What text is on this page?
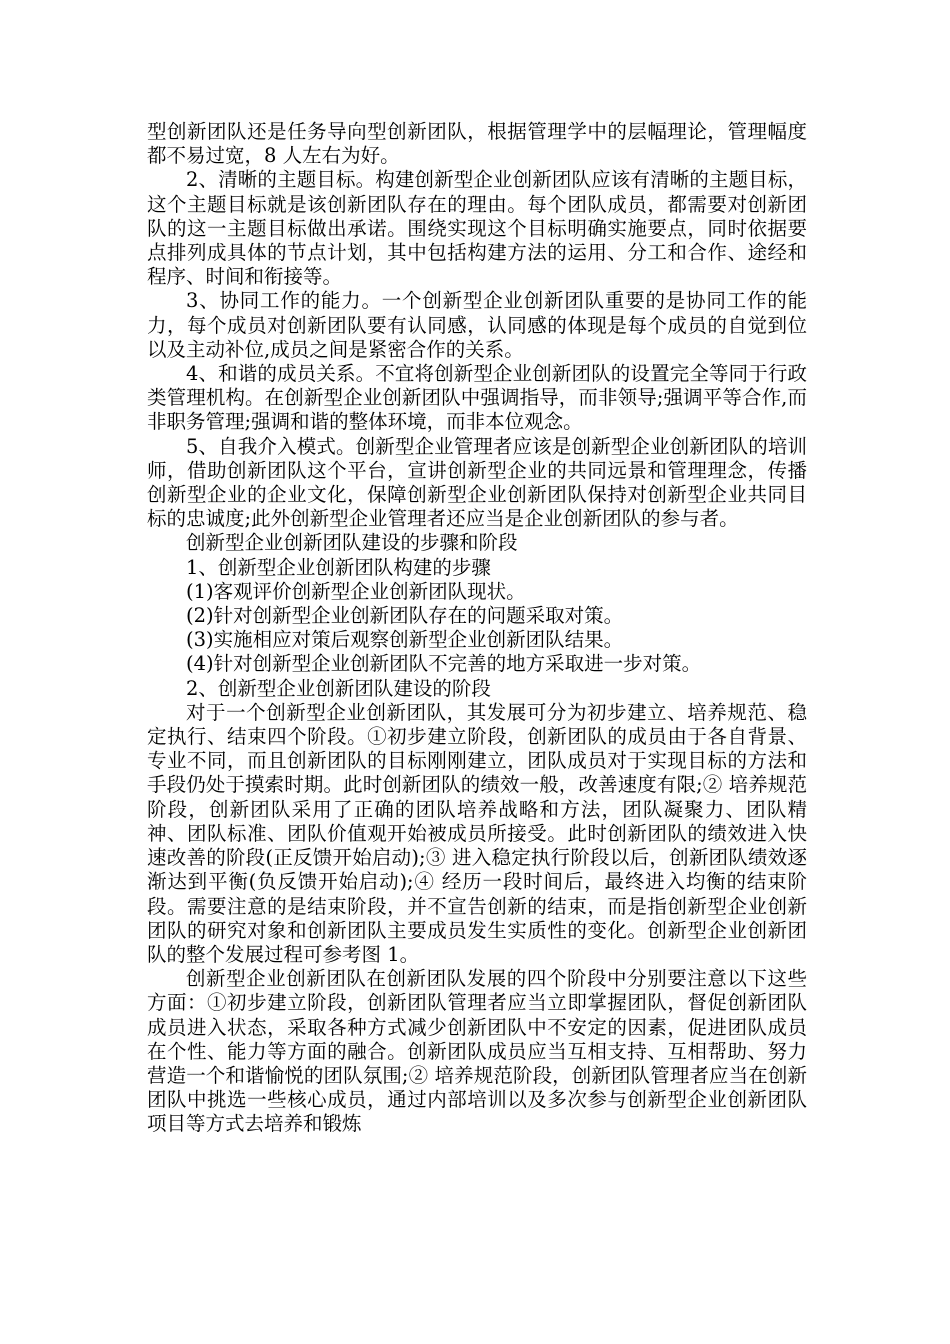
型创新团队还是任务导向型创新团队，根据管理学中的层幅理论，管理幅度都不易过宽，8 人左右为好。

2、清晰的主题目标。构建创新型企业创新团队应该有清晰的主题目标，这个主题目标就是该创新团队存在的理由。每个团队成员，都需要对创新团队的这一主题目标做出承诺。围绕实现这个目标明确实施要点，同时依据要点排列成具体的节点计划，其中包括构建方法的运用、分工和合作、途经和程序、时间和衔接等。

3、协同工作的能力。一个创新型企业创新团队重要的是协同工作的能力，每个成员对创新团队要有认同感，认同感的体现是每个成员的自觉到位以及主动补位,成员之间是紧密合作的关系。

4、和谐的成员关系。不宜将创新型企业创新团队的设置完全等同于行政类管理机构。在创新型企业创新团队中强调指导，而非领导;强调平等合作,而非职务管理;强调和谐的整体环境，而非本位观念。

5、自我介入模式。创新型企业管理者应该是创新型企业创新团队的培训师，借助创新团队这个平台，宣讲创新型企业的共同远景和管理理念，传播创新型企业的企业文化，保障创新型企业创新团队保持对创新型企业共同目标的忠诚度;此外创新型企业管理者还应当是企业创新团队的参与者。

创新型企业创新团队建设的步骤和阶段

1、创新型企业创新团队构建的步骤

(1)客观评价创新型企业创新团队现状。

(2)针对创新型企业创新团队存在的问题采取对策。

(3)实施相应对策后观察创新型企业创新团队结果。

(4)针对创新型企业创新团队不完善的地方采取进一步对策。

2、创新型企业创新团队建设的阶段

对于一个创新型企业创新团队，其发展可分为初步建立、培养规范、稳定执行、结束四个阶段。①初步建立阶段，创新团队的成员由于各自背景、专业不同，而且创新团队的目标刚刚建立，团队成员对于实现目标的方法和手段仍处于摸索时期。此时创新团队的绩效一般，改善速度有限;② 培养规范阶段，创新团队采用了正确的团队培养战略和方法，团队凝聚力、团队精神、团队标准、团队价值观开始被成员所接受。此时创新团队的绩效进入快速改善的阶段(正反馈开始启动);③ 进入稳定执行阶段以后，创新团队绩效逐渐达到平衡(负反馈开始启动);④ 经历一段时间后，最终进入均衡的结束阶段。需要注意的是结束阶段，并不宣告创新的结束，而是指创新型企业创新团队的研究对象和创新团队主要成员发生实质性的变化。创新型企业创新团队的整个发展过程可参考图 1。

创新型企业创新团队在创新团队发展的四个阶段中分别要注意以下这些方面：①初步建立阶段，创新团队管理者应当立即掌握团队，督促创新团队成员进入状态，采取各种方式减少创新团队中不安定的因素，促进团队成员在个性、能力等方面的融合。创新团队成员应当互相支持、互相帮助、努力营造一个和谐愉悦的团队氛围;② 培养规范阶段，创新团队管理者应当在创新团队中挑选一些核心成员，通过内部培训以及多次参与创新型企业创新团队项目等方式去培养和锻炼
